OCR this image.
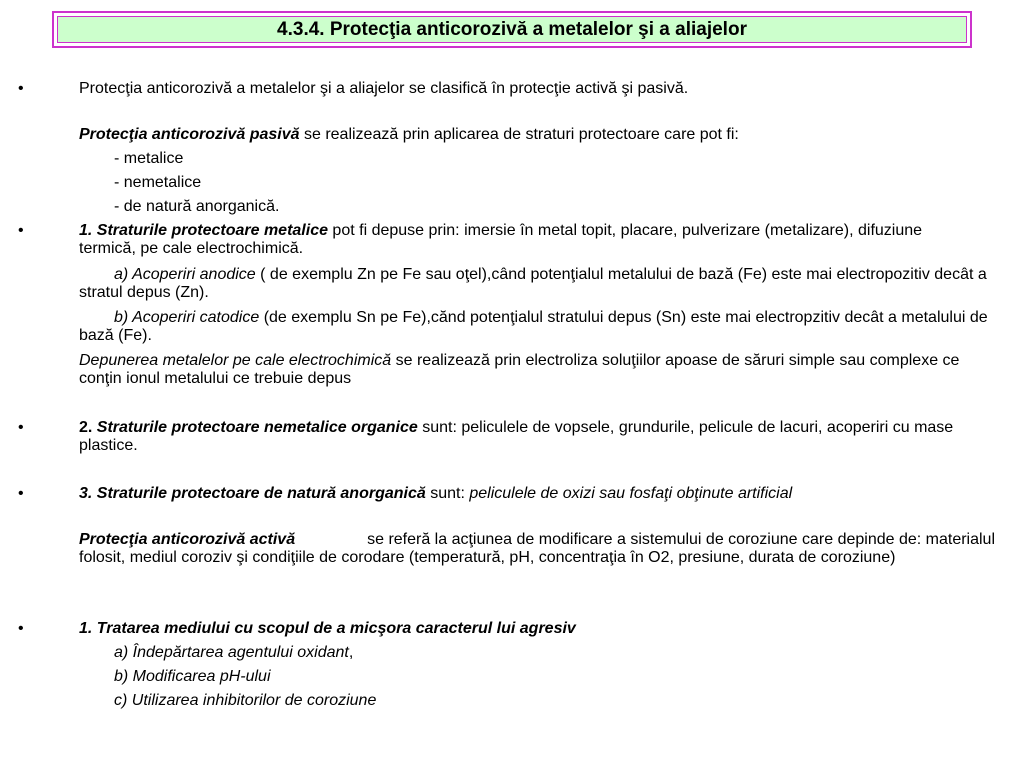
4.3.4. Protecţia anticorozivă a metalelor şi a aliajelor
•	Protecţia anticorozivă a metalelor şi a aliajelor se clasifică în protecţie activă şi pasivă.
Protecţia anticorozivă pasivă se realizează prin aplicarea de straturi protectoare care pot fi:
- metalice
- nemetalice
- de natură anorganică.
•	1. Straturile protectoare metalice pot fi depuse prin: imersie în metal topit, placare, pulverizare (metalizare), difuziune termică, pe cale electrochimică.
a) Acoperiri anodice ( de exemplu Zn pe Fe sau oţel),când potenţialul metalului de bază (Fe) este mai electropozitiv decât a stratul depus (Zn).
b) Acoperiri catodice (de exemplu Sn pe Fe),cănd potenţialul stratului depus (Sn) este mai electropzitiv decât a metalului de bază (Fe).
Depunerea metalelor pe cale electrochimică se realizează prin electroliza soluţiilor apoase de săruri simple sau complexe ce conţin ionul metalului ce trebuie depus
•	2. Straturile protectoare nemetalice organice sunt: peliculele de vopsele, grundurile, pelicule de lacuri, acoperiri cu mase plastice.
•	3. Straturile protectoare de natură anorganică sunt: peliculele de oxizi sau fosfaţi obţinute artificial
Protecţia anticorozivă activă	se referă la acţiunea de modificare a sistemului de coroziune care depinde de: materialul folosit, mediul coroziv şi condiţiile de corodare (temperatură, pH, concentraţia în O2, presiune, durata de coroziune)
•	1. Tratarea mediului cu scopul de a micşora caracterul lui agresiv
a) Îndepărtarea agentului oxidant,
b) Modificarea pH-ului
c) Utilizarea inhibitorilor de coroziune
